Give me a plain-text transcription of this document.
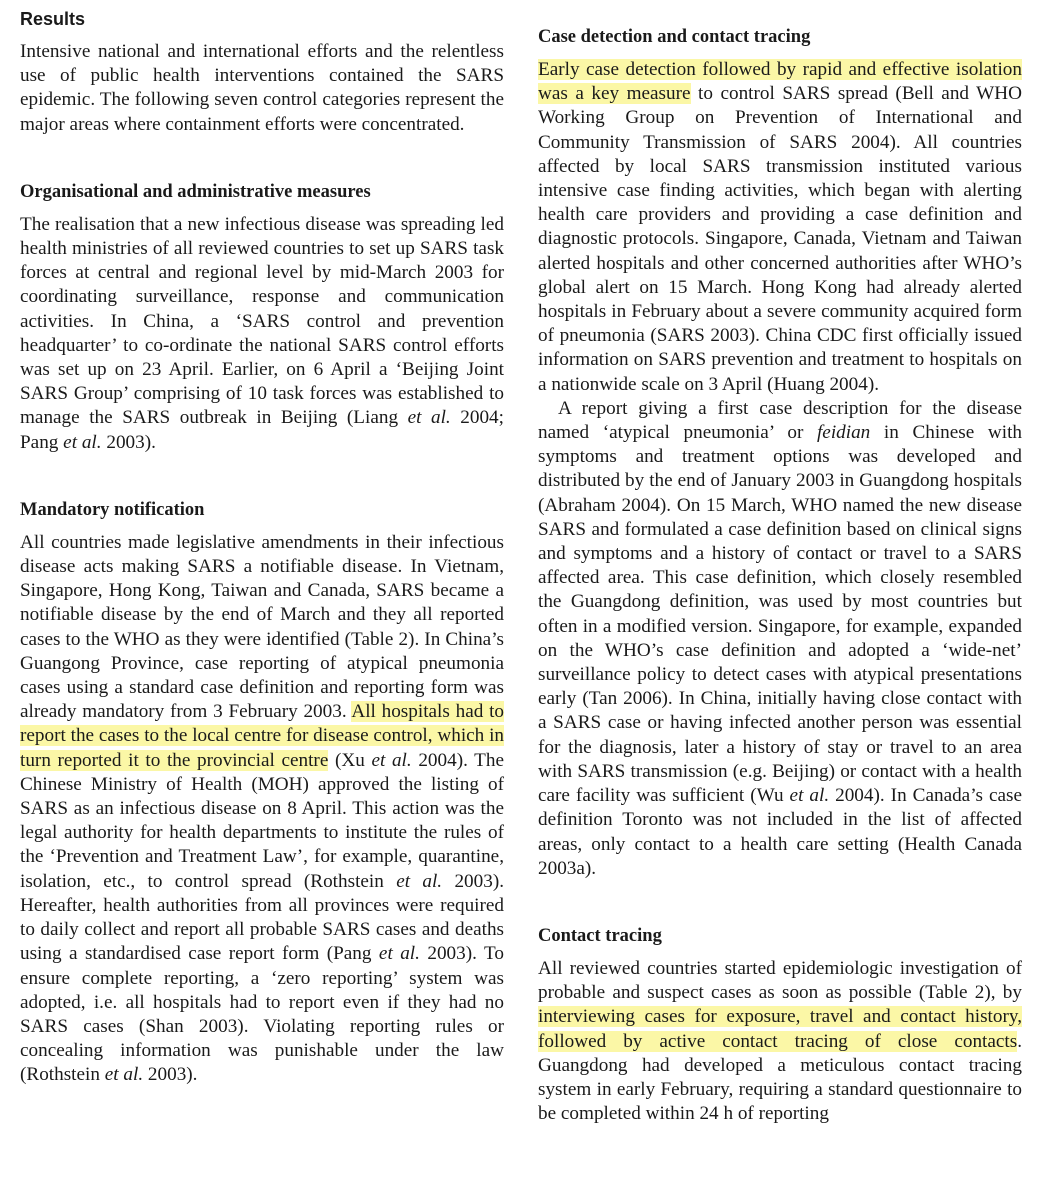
Results

Intensive national and international efforts and the relentless use of public health interventions contained the SARS epidemic. The following seven control categories represent the major areas where containment efforts were concentrated.

Organisational and administrative measures

The realisation that a new infectious disease was spreading led health ministries of all reviewed countries to set up SARS task forces at central and regional level by mid-March 2003 for coordinating surveillance, response and communication activities. In China, a ‘SARS control and prevention headquarter’ to co-ordinate the national SARS control efforts was set up on 23 April. Earlier, on 6 April a ‘Beijing Joint SARS Group’ comprising of 10 task forces was established to manage the SARS outbreak in Beijing (Liang et al. 2004; Pang et al. 2003).

Mandatory notification

All countries made legislative amendments in their infectious disease acts making SARS a notifiable disease. In Vietnam, Singapore, Hong Kong, Taiwan and Canada, SARS became a notifiable disease by the end of March and they all reported cases to the WHO as they were identified (Table 2). In China’s Guangong Province, case reporting of atypical pneumonia cases using a standard case definition and reporting form was already mandatory from 3 February 2003. All hospitals had to report the cases to the local centre for disease control, which in turn reported it to the provincial centre (Xu et al. 2004). The Chinese Ministry of Health (MOH) approved the listing of SARS as an infectious disease on 8 April. This action was the legal authority for health departments to institute the rules of the ‘Prevention and Treatment Law’, for example, quarantine, isolation, etc., to control spread (Rothstein et al. 2003). Hereafter, health authorities from all provinces were required to daily collect and report all probable SARS cases and deaths using a standardised case report form (Pang et al. 2003). To ensure complete reporting, a ‘zero reporting’ system was adopted, i.e. all hospitals had to report even if they had no SARS cases (Shan 2003). Violating reporting rules or concealing information was punishable under the law (Rothstein et al. 2003).

Case detection and contact tracing

Early case detection followed by rapid and effective isolation was a key measure to control SARS spread (Bell and WHO Working Group on Prevention of International and Community Transmission of SARS 2004). All countries affected by local SARS transmission instituted various intensive case finding activities, which began with alerting health care providers and providing a case definition and diagnostic protocols. Singapore, Canada, Vietnam and Taiwan alerted hospitals and other concerned authorities after WHO’s global alert on 15 March. Hong Kong had already alerted hospitals in February about a severe community acquired form of pneumonia (SARS 2003). China CDC first officially issued information on SARS prevention and treatment to hospitals on a nationwide scale on 3 April (Huang 2004).

A report giving a first case description for the disease named ‘atypical pneumonia’ or feidian in Chinese with symptoms and treatment options was developed and distributed by the end of January 2003 in Guangdong hospitals (Abraham 2004). On 15 March, WHO named the new disease SARS and formulated a case definition based on clinical signs and symptoms and a history of contact or travel to a SARS affected area. This case definition, which closely resembled the Guangdong definition, was used by most countries but often in a modified version. Singapore, for example, expanded on the WHO’s case definition and adopted a ‘wide-net’ surveillance policy to detect cases with atypical presentations early (Tan 2006). In China, initially having close contact with a SARS case or having infected another person was essential for the diagnosis, later a history of stay or travel to an area with SARS transmission (e.g. Beijing) or contact with a health care facility was sufficient (Wu et al. 2004). In Canada’s case definition Toronto was not included in the list of affected areas, only contact to a health care setting (Health Canada 2003a).

Contact tracing

All reviewed countries started epidemiologic investigation of probable and suspect cases as soon as possible (Table 2), by interviewing cases for exposure, travel and contact history, followed by active contact tracing of close contacts. Guangdong had developed a meticulous contact tracing system in early February, requiring a standard questionnaire to be completed within 24 h of reporting
